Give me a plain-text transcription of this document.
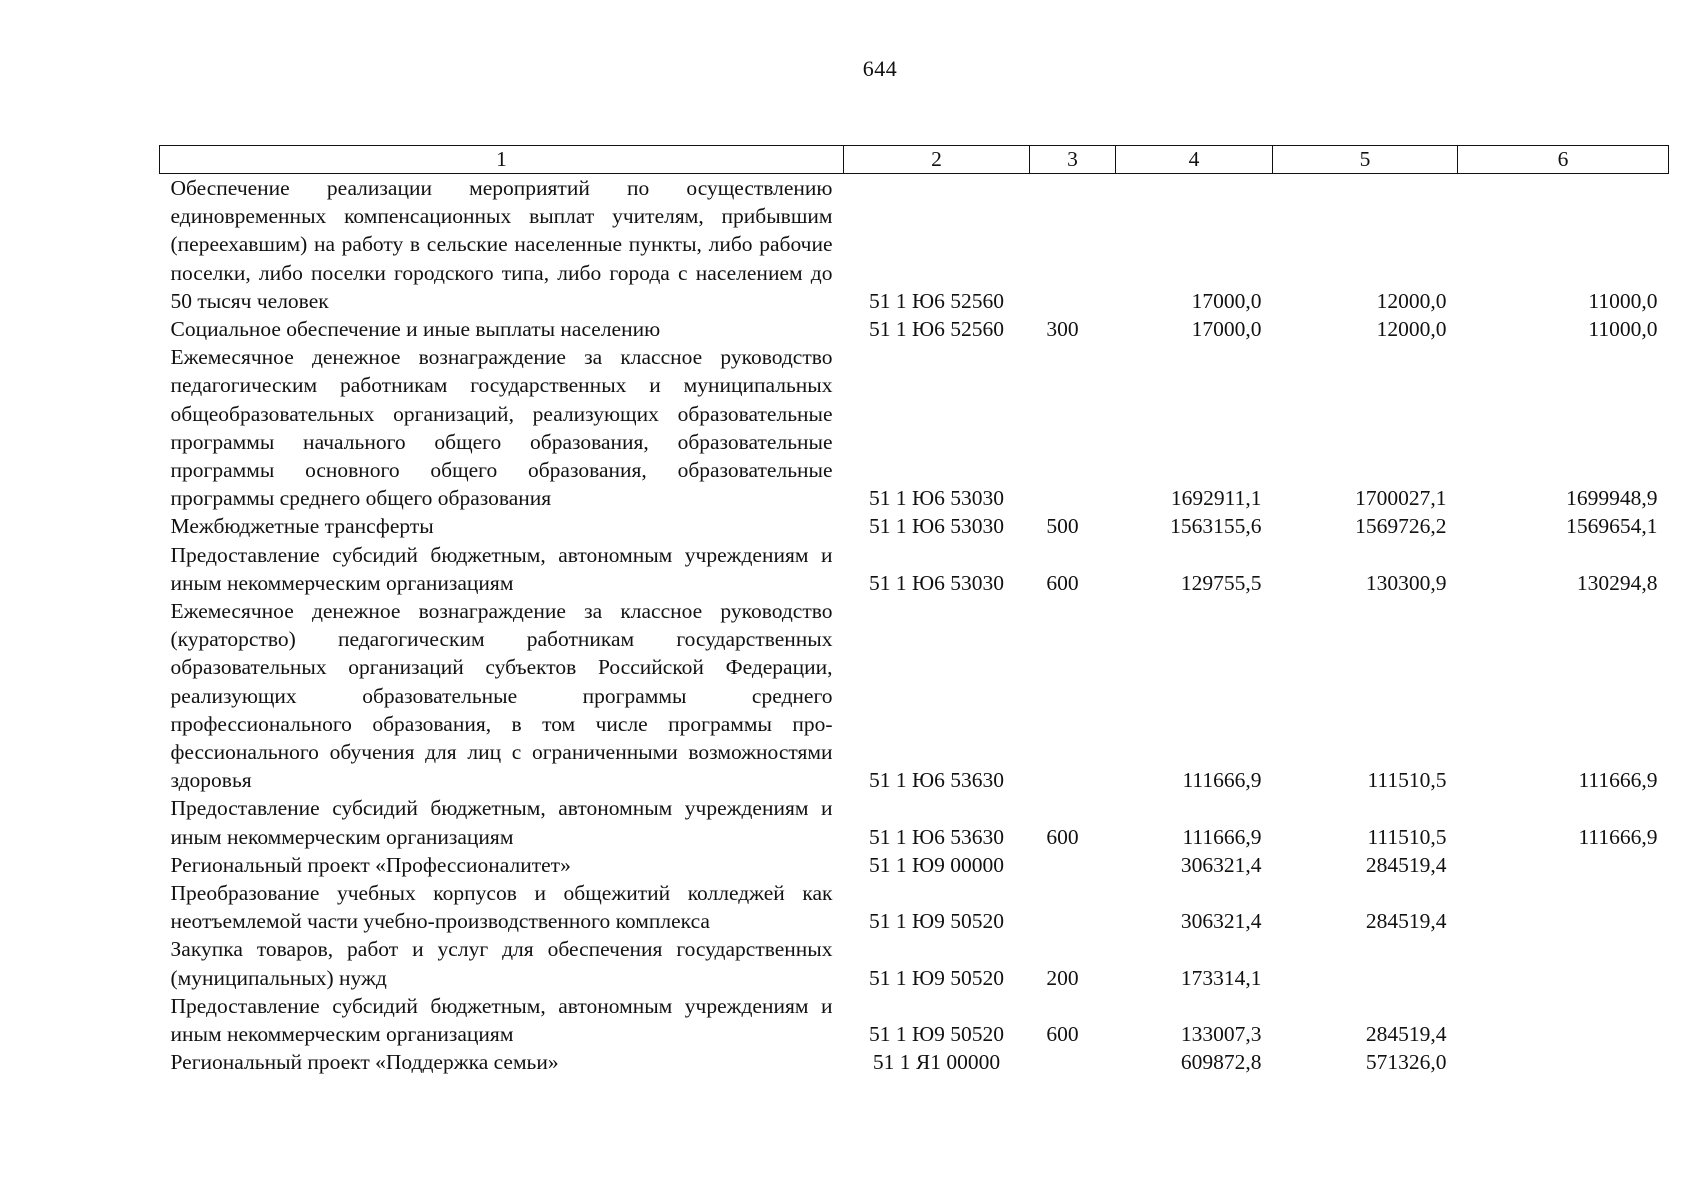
644
1	2	3	4	5	6
Обеспечение реализации мероприятий по осуществлению единовременных компенсационных выплат учителям, прибывшим (переехавшим) на работу в сельские населенные пункты, либо рабочие поселки, либо поселки городского типа, либо города с населением до 50 тысяч человек	51 1 Ю6 52560		17000,0	12000,0	11000,0
Социальное обеспечение и иные выплаты населению	51 1 Ю6 52560	300	17000,0	12000,0	11000,0
Ежемесячное денежное вознаграждение за классное руководство педагогическим работникам государственных и муниципальных общеобразовательных организаций, реализующих образовательные программы начального общего образования, образовательные программы основного общего образования, образовательные программы среднего общего образования	51 1 Ю6 53030		1692911,1	1700027,1	1699948,9
Межбюджетные трансферты	51 1 Ю6 53030	500	1563155,6	1569726,2	1569654,1
Предоставление субсидий бюджетным, автономным учреждениям и иным некоммерческим организациям	51 1 Ю6 53030	600	129755,5	130300,9	130294,8
Ежемесячное денежное вознаграждение за классное руководство (кураторство) педагогическим работникам государственных образовательных организаций субъектов Российской Федерации, реализующих образовательные программы среднего профессионального образования, в том числе программы профессионального обучения для лиц с ограниченными возможностями здоровья	51 1 Ю6 53630		111666,9	111510,5	111666,9
Предоставление субсидий бюджетным, автономным учреждениям и иным некоммерческим организациям	51 1 Ю6 53630	600	111666,9	111510,5	111666,9
Региональный проект «Профессионалитет»	51 1 Ю9 00000		306321,4	284519,4	
Преобразование учебных корпусов и общежитий колледжей как неотъемлемой части учебно-производственного комплекса	51 1 Ю9 50520		306321,4	284519,4	
Закупка товаров, работ и услуг для обеспечения государственных (муниципальных) нужд	51 1 Ю9 50520	200	173314,1		
Предоставление субсидий бюджетным, автономным учреждениям и иным некоммерческим организациям	51 1 Ю9 50520	600	133007,3	284519,4	
Региональный проект «Поддержка семьи»	51 1 Я1 00000		609872,8	571326,0	
